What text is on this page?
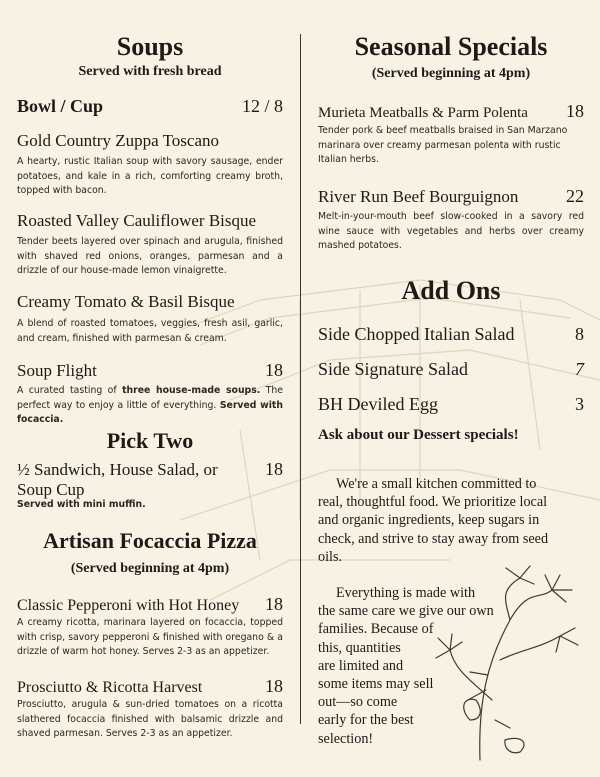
Soups
Served with fresh bread
Bowl / Cup	12 / 8
Gold Country Zuppa Toscano
A hearty, rustic Italian soup with savory sausage, ender potatoes, and kale in a rich, comforting creamy broth, topped with bacon.
Roasted Valley Cauliflower Bisque
Tender beets layered over spinach and arugula, finished with shaved red onions, oranges, parmesan and a drizzle of our house-made lemon vinaigrette.
Creamy Tomato & Basil Bisque
A blend of roasted tomatoes, veggies, fresh asil, garlic, and cream, finished with parmesan & cream.
Soup Flight	18
A curated tasting of three house-made soups. The perfect way to enjoy a little of everything. Served with focaccia.
Pick Two
½ Sandwich, House Salad, or
Soup Cup
18
Served with mini muffin.
Artisan Focaccia Pizza
(Served beginning at 4pm)
Classic Pepperoni with Hot Honey 18
A creamy ricotta, marinara layered on focaccia, topped with crisp, savory pepperoni & finished with oregano & a drizzle of warm hot honey. Serves 2-3 as an appetizer.
Prosciutto & Ricotta Harvest	18
Prosciutto, arugula & sun-dried tomatoes on a ricotta slathered focaccia finished with balsamic drizzle and shaved parmesan. Serves 2-3 as an appetizer.
Seasonal Specials
(Served beginning at 4pm)
Murieta Meatballs & Parm Polenta 18
Tender pork & beef meatballs braised in San Marzano marinara over creamy parmesan polenta with rustic Italian herbs.
River Run Beef Bourguignon	22
Melt-in-your-mouth beef slow-cooked in a savory red wine sauce with vegetables and herbs over creamy mashed potatoes.
Add Ons
Side Chopped Italian Salad	8
Side Signature Salad	7
BH Deviled Egg	3
Ask about our Dessert specials!
We're a small kitchen committed to
real, thoughtful food. We prioritize local
and organic ingredients, keep sugars in
check, and strive to stay away from seed
oils.
Everything is made with
the same care we give our own
families. Because of
this, quantities
are limited and
some items may sell
out—so come
early for the best
selection!
